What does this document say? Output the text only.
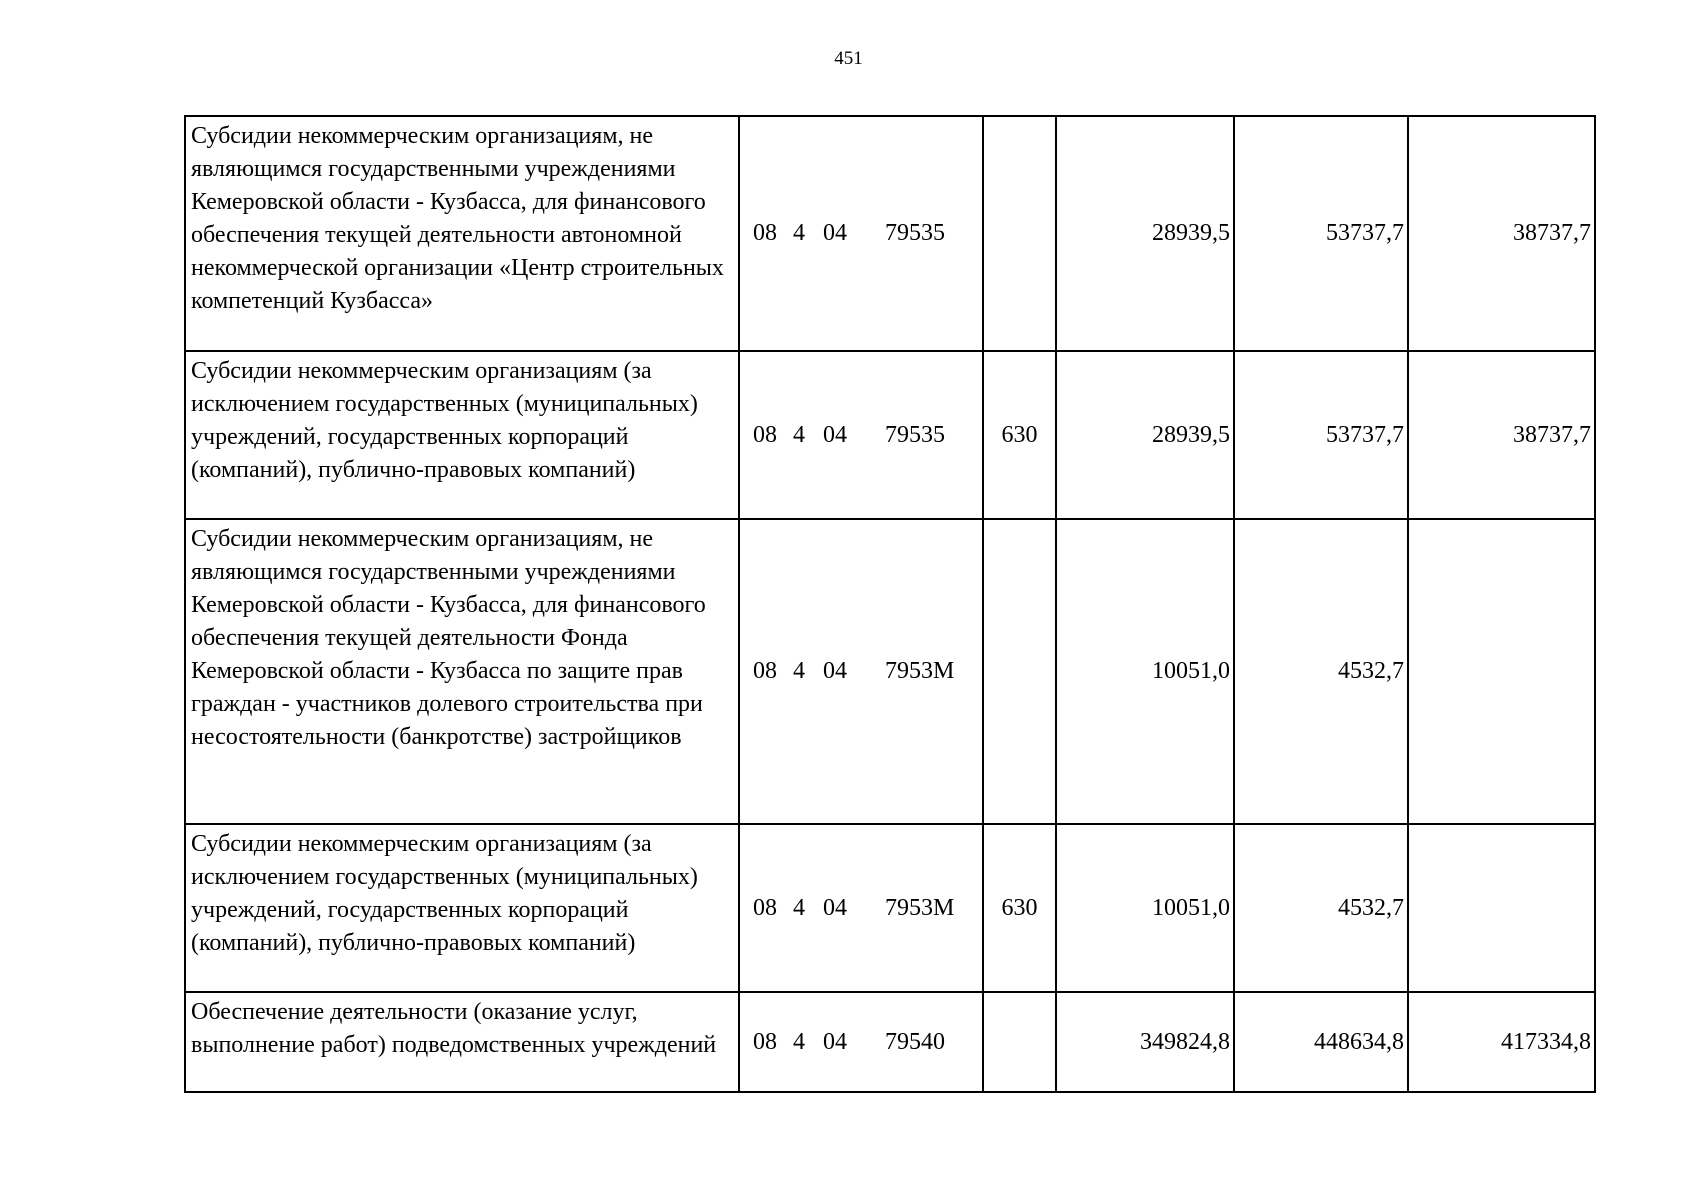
451
Субсидии некоммерческим организациям, не являющимся государственными учреждениями Кемеровской области - Кузбасса, для финансового обеспечения текущей деятельности автономной некоммерческой организации «Центр строительных компетенций Кузбасса»	08 4 04 79535		28939,5	53737,7	38737,7
Субсидии некоммерческим организациям (за исключением государственных (муниципальных) учреждений, государственных корпораций (компаний), публично-правовых компаний)	08 4 04 79535	630	28939,5	53737,7	38737,7
Субсидии некоммерческим организациям, не являющимся государственными учреждениями Кемеровской области - Кузбасса, для финансового обеспечения текущей деятельности Фонда Кемеровской области - Кузбасса по защите прав граждан - участников долевого строительства при несостоятельности (банкротстве) застройщиков	08 4 04 7953М		10051,0	4532,7	
Субсидии некоммерческим организациям (за исключением государственных (муниципальных) учреждений, государственных корпораций (компаний), публично-правовых компаний)	08 4 04 7953М	630	10051,0	4532,7	
Обеспечение деятельности (оказание услуг, выполнение работ) подведомственных учреждений	08 4 04 79540		349824,8	448634,8	417334,8
